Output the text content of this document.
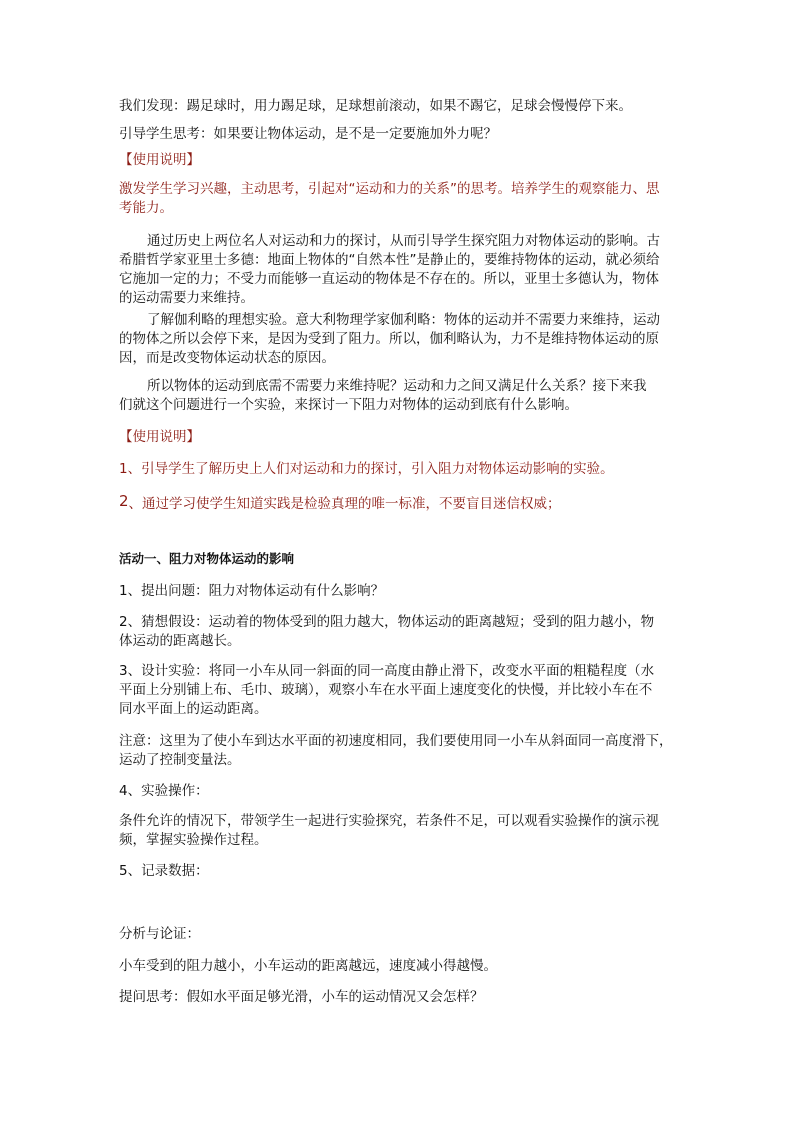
我们发现：踢足球时，用力踢足球，足球想前滚动，如果不踢它，足球会慢慢停下来。

引导学生思考：如果要让物体运动，是不是一定要施加外力呢？

【使用说明】

激发学生学习兴趣，主动思考，引起对“运动和力的关系”的思考。培养学生的观察能力、思
考能力。
通过历史上两位名人对运动和力的探讨，从而引导学生探究阻力对物体运动的影响。古
希腊哲学家亚里士多德：地面上物体的“自然本性”是静止的，要维持物体的运动，就必须给
它施加一定的力；不受力而能够一直运动的物体是不存在的。所以，亚里士多德认为，物体
的运动需要力来维持。
了解伽利略的理想实验。意大利物理学家伽利略：物体的运动并不需要力来维持，运动
的物体之所以会停下来，是因为受到了阻力。所以，伽利略认为，力不是维持物体运动的原
因，而是改变物体运动状态的原因。
所以物体的运动到底需不需要力来维持呢？运动和力之间又满足什么关系？接下来我
们就这个问题进行一个实验，来探讨一下阻力对物体的运动到底有什么影响。

【使用说明】

1、引导学生了解历史上人们对运动和力的探讨，引入阻力对物体运动影响的实验。

2、通过学习使学生知道实践是检验真理的唯一标准，不要盲目迷信权威；

活动一、阻力对物体运动的影响

1、提出问题：阻力对物体运动有什么影响？

2、猜想假设：运动着的物体受到的阻力越大，物体运动的距离越短；受到的阻力越小，物
体运动的距离越长。
3、设计实验：将同一小车从同一斜面的同一高度由静止滑下，改变水平面的粗糙程度（水
平面上分别铺上布、毛巾、玻璃），观察小车在水平面上速度变化的快慢，并比较小车在不
同水平面上的运动距离。
注意：这里为了使小车到达水平面的初速度相同，我们要使用同一小车从斜面同一高度滑下，
运动了控制变量法。

4、实验操作：

条件允许的情况下，带领学生一起进行实验探究，若条件不足，可以观看实验操作的演示视
频，掌握实验操作过程。

5、记录数据：

分析与论证：

小车受到的阻力越小，小车运动的距离越远，速度减小得越慢。

提问思考：假如水平面足够光滑，小车的运动情况又会怎样？
